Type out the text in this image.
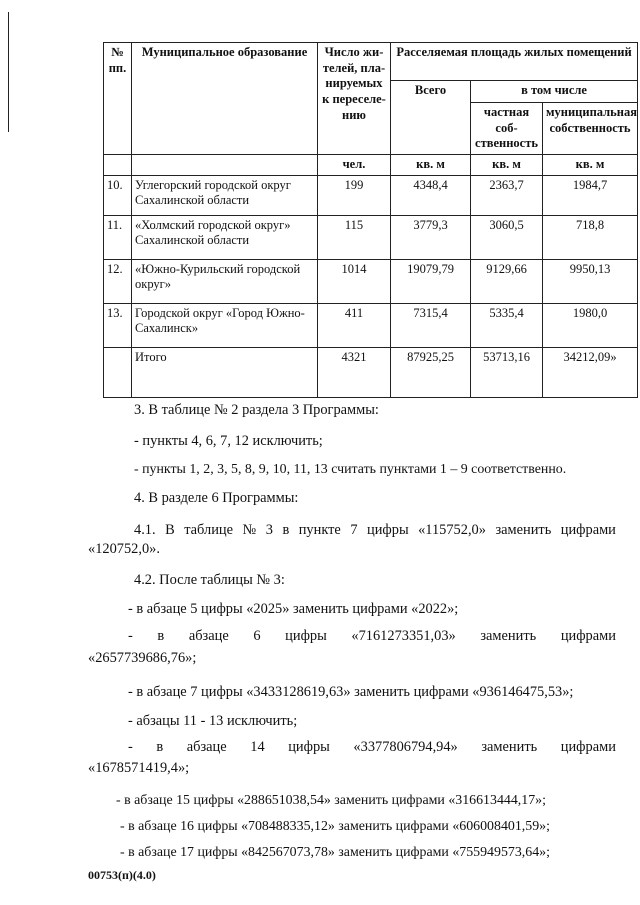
№ пп.	Муниципальное образование	Число жи-телей, пла-нируемых к переселе-нию	Расселяемая площадь жилых помещений		
			Всего	в том числе	
				частная соб-ственность	муниципальная собственность
		чел.	кв. м	кв. м	кв. м
10.	Углегорский городской округ Сахалинской области	199	4348,4	2363,7	1984,7
11.	«Холмский городской округ» Сахалинской области	115	3779,3	3060,5	718,8
12.	«Южно-Курильский городской округ»	1014	19079,79	9129,66	9950,13
13.	Городской округ «Город Южно-Сахалинск»	411	7315,4	5335,4	1980,0
	Итого	4321	87925,25	53713,16	34212,09»
3. В таблице № 2 раздела 3 Программы:
- пункты 4, 6, 7, 12 исключить;
- пункты 1, 2, 3, 5, 8, 9, 10, 11, 13 считать пунктами 1 – 9 соответственно.
4. В разделе 6 Программы:
4.1. В таблице № 3 в пункте 7 цифры «115752,0» заменить цифрами
«120752,0».
4.2. После таблицы № 3:
- в абзаце 5 цифры «2025» заменить цифрами «2022»;
- в абзаце 6 цифры «7161273351,03» заменить цифрами
«2657739686,76»;
- в абзаце 7 цифры «3433128619,63» заменить цифрами «936146475,53»;
- абзацы 11 - 13 исключить;
- в абзаце 14 цифры «3377806794,94» заменить цифрами
«1678571419,4»;
- в абзаце 15 цифры «288651038,54» заменить цифрами «316613444,17»;
- в абзаце 16 цифры «708488335,12» заменить цифрами «606008401,59»;
- в абзаце 17 цифры «842567073,78» заменить цифрами «755949573,64»;
00753(п)(4.0)
